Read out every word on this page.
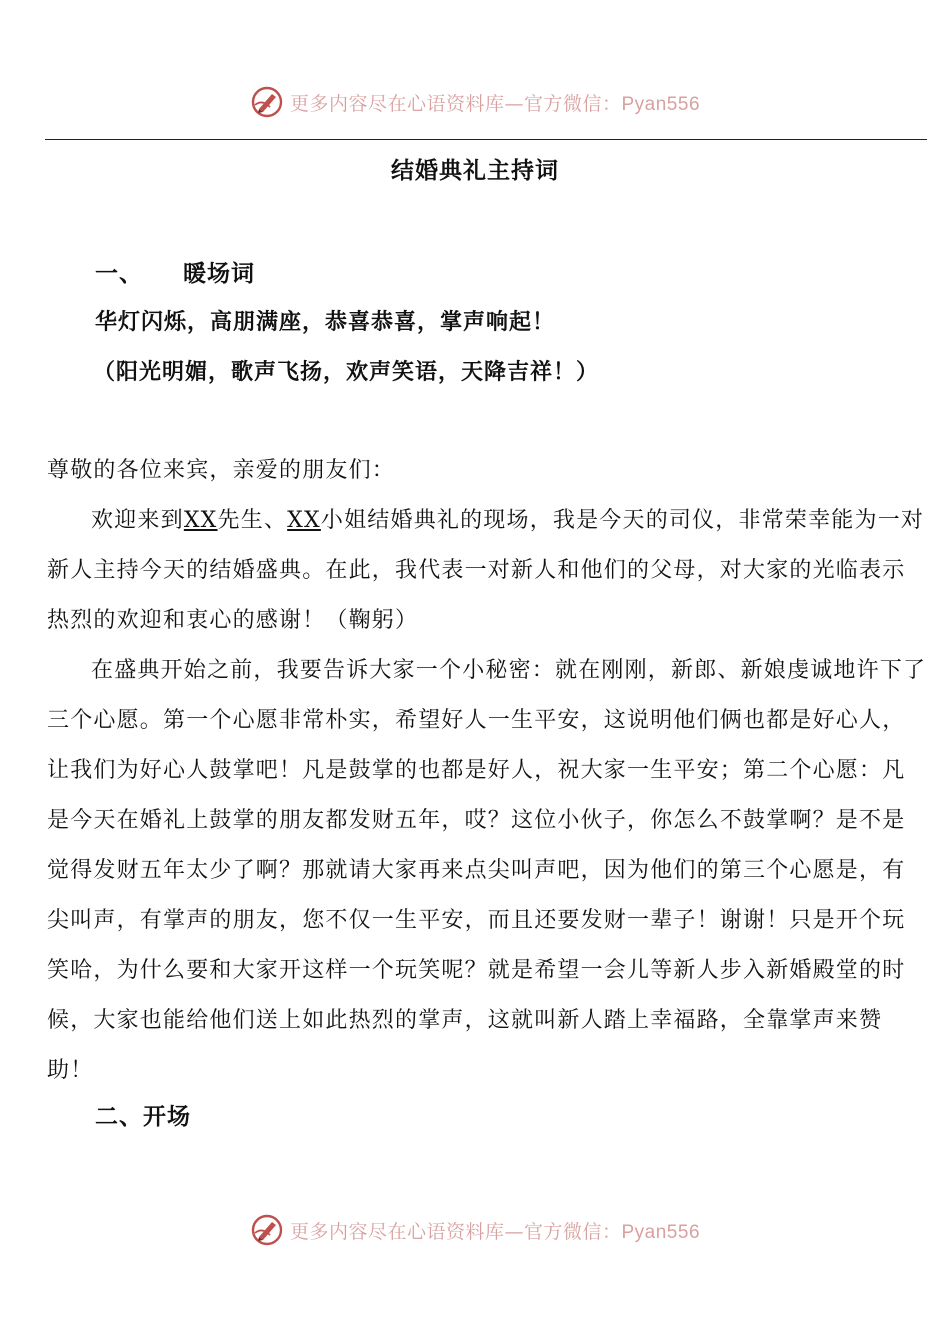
更多内容尽在心语资料库—官方微信：Pyan556
结婚典礼主持词
一、 暖场词
华灯闪烁，高朋满座，恭喜恭喜，掌声响起！
（阳光明媚，歌声飞扬，欢声笑语，天降吉祥！）

尊敬的各位来宾，亲爱的朋友们：

欢迎来到XX先生、XX小姐结婚典礼的现场，我是今天的司仪，非常荣幸能为一对新人主持今天的结婚盛典。在此，我代表一对新人和他们的父母，对大家的光临表示热烈的欢迎和衷心的感谢！（鞠躬）

在盛典开始之前，我要告诉大家一个小秘密：就在刚刚，新郎、新娘虔诚地许下了三个心愿。第一个心愿非常朴实，希望好人一生平安，这说明他们俩也都是好心人，让我们为好心人鼓掌吧！凡是鼓掌的也都是好人，祝大家一生平安；第二个心愿：凡是今天在婚礼上鼓掌的朋友都发财五年，哎？这位小伙子，你怎么不鼓掌啊？是不是觉得发财五年太少了啊？那就请大家再来点尖叫声吧，因为他们的第三个心愿是，有尖叫声，有掌声的朋友，您不仅一生平安，而且还要发财一辈子！谢谢！只是开个玩笑哈，为什么要和大家开这样一个玩笑呢？就是希望一会儿等新人步入新婚殿堂的时候，大家也能给他们送上如此热烈的掌声，这就叫新人踏上幸福路，全靠掌声来赞助！

二、开场
更多内容尽在心语资料库—官方微信：Pyan556
